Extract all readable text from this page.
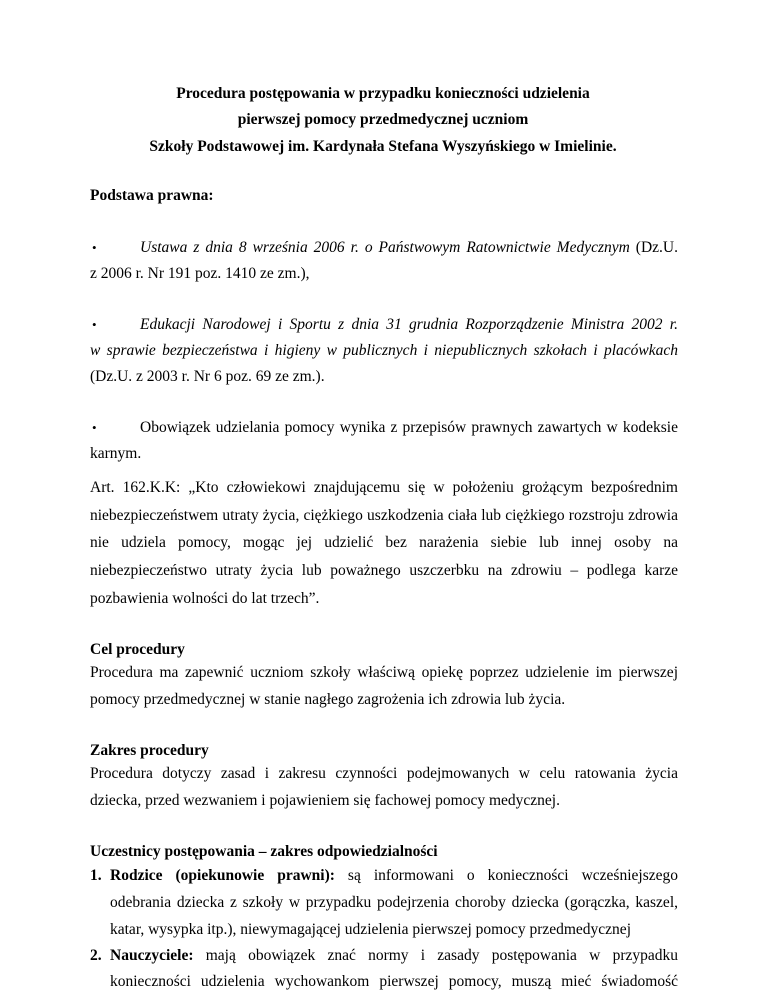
Procedura postępowania w przypadku konieczności udzielenia
pierwszej pomocy przedmedycznej uczniom
Szkoły Podstawowej im. Kardynała Stefana Wyszyńskiego w Imielinie.
Podstawa prawna:
•	Ustawa z dnia 8 września 2006 r. o Państwowym Ratownictwie Medycznym (Dz.U.
z 2006 r. Nr 191 poz. 1410 ze zm.),
•	Edukacji Narodowej i Sportu z dnia 31 grudnia Rozporządzenie Ministra 2002 r.
w sprawie bezpieczeństwa i higieny w publicznych i niepublicznych szkołach i placówkach
(Dz.U. z 2003 r. Nr 6 poz. 69 ze zm.).
•	Obowiązek udzielania pomocy wynika z przepisów prawnych zawartych w kodeksie
karnym.
Art. 162.K.K: „Kto człowiekowi znajdującemu się w położeniu grożącym bezpośrednim
niebezpieczeństwem utraty życia, ciężkiego uszkodzenia ciała lub ciężkiego rozstroju zdrowia
nie udziela pomocy, mogąc jej udzielić bez narażenia siebie lub innej osoby na
niebezpieczeństwo utraty życia lub poważnego uszczerbku na zdrowiu – podlega karze
pozbawienia wolności do lat trzech”.
Cel procedury
Procedura ma zapewnić uczniom szkoły właściwą opiekę poprzez udzielenie im pierwszej
pomocy przedmedycznej w stanie nagłego zagrożenia ich zdrowia lub życia.
Zakres procedury
Procedura dotyczy zasad i zakresu czynności podejmowanych w celu ratowania życia
dziecka, przed wezwaniem i pojawieniem się fachowej pomocy medycznej.
Uczestnicy postępowania – zakres odpowiedzialności
1. Rodzice (opiekunowie prawni): są informowani o konieczności wcześniejszego
odebrania dziecka z szkoły w przypadku podejrzenia choroby dziecka (gorączka, kaszel,
katar, wysypka itp.), niewymagającej udzielenia pierwszej pomocy przedmedycznej
2. Nauczyciele: mają obowiązek znać normy i zasady postępowania w przypadku
konieczności udzielenia wychowankom pierwszej pomocy, muszą mieć świadomość
